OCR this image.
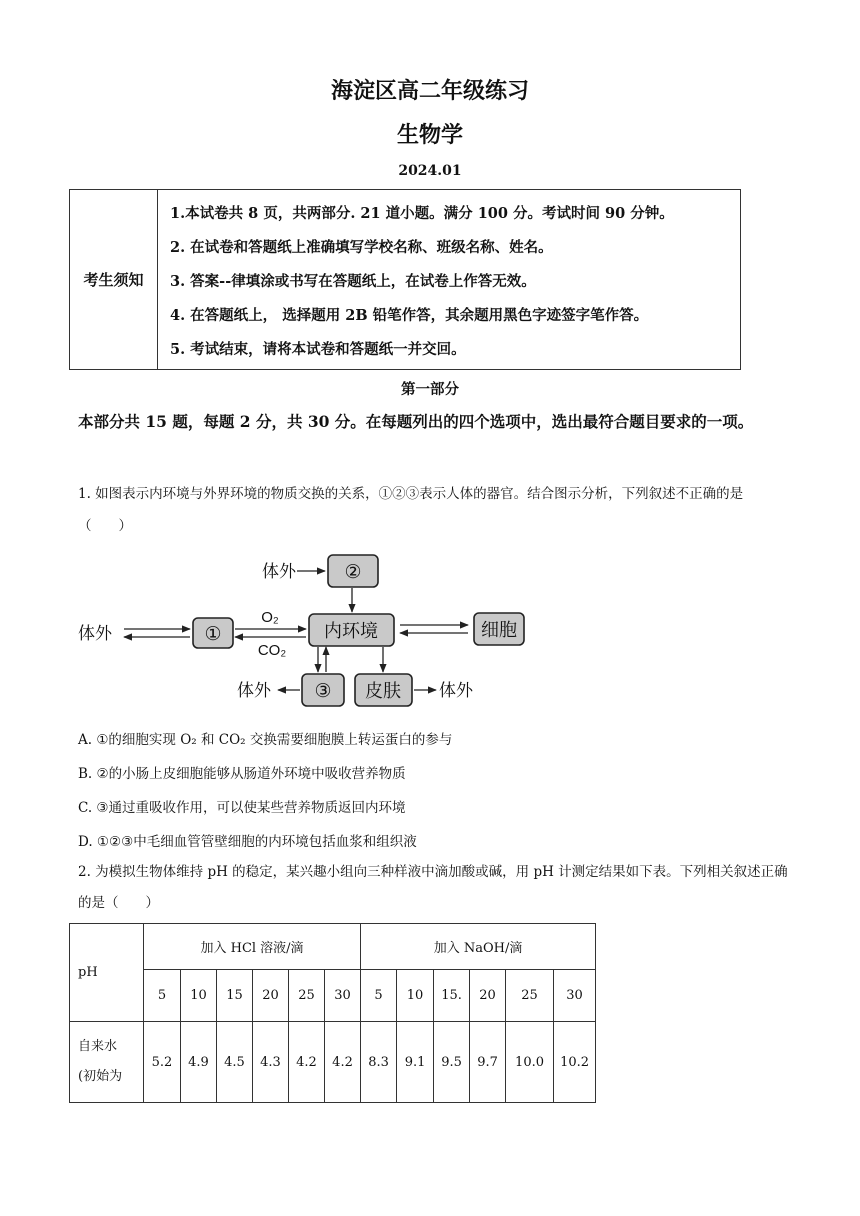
海淀区高二年级练习
生物学
2024.01
考生须知
1.本试卷共 8 页，共两部分. 21 道小题。满分 100 分。考试时间 90 分钟。
2. 在试卷和答题纸上准确填写学校名称、班级名称、姓名。
3. 答案--律填涂或书写在答题纸上，在试卷上作答无效。
4. 在答题纸上， 选择题用 2B 铅笔作答，其余题用黑色字迹签字笔作答。
5. 考试结束，请将本试卷和答题纸一并交回。
第一部分
本部分共 15 题，每题 2 分，共 30 分。在每题列出的四个选项中，选出最符合题目要求的一项。
1. 如图表示内环境与外界环境的物质交换的关系，①②③表示人体的器官。结合图示分析，下列叙述不正确的是（　　）
②
体外
体外	①
O₂
CO₂
内环境	细胞
③
体外	皮肤 体外
A. ①的细胞实现 O₂ 和 CO₂ 交换需要细胞膜上转运蛋白的参与
B. ②的小肠上皮细胞能够从肠道外环境中吸收营养物质
C. ③通过重吸收作用，可以使某些营养物质返回内环境
D. ①②③中毛细血管管壁细胞的内环境包括血浆和组织液
2. 为模拟生物体维持 pH 的稳定，某兴趣小组向三种样液中滴加酸或碱，用 pH 计测定结果如下表。下列相关叙述正确的是（　　）
pH	加入 HCl 溶液/滴						加入 NaOH/滴					
	5	10	15	20	25	30	5	10	15.	20	25	30

自来水
(初始为	5.2	4.9	4.5	4.3	4.2	4.2	8.3	9.1	9.5	9.7	10.0	10.2
